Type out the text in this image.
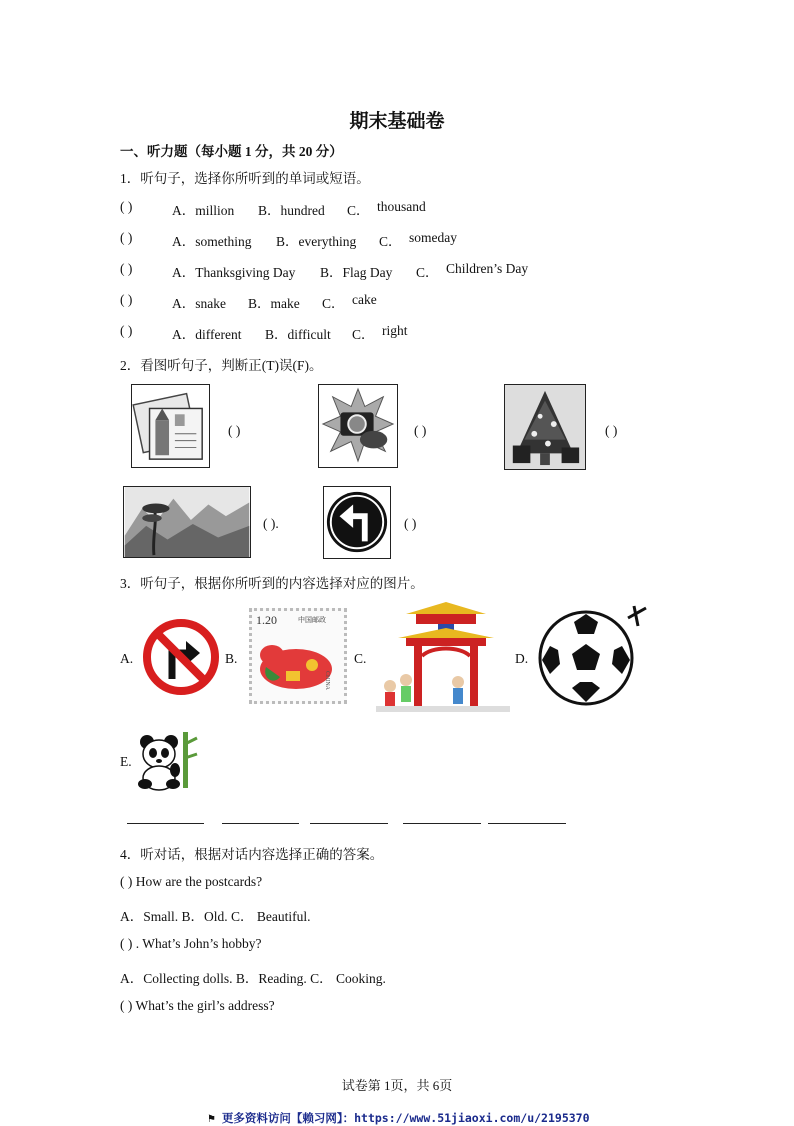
期末基础卷
一、听力题（每小题 1 分，共 20 分）
1．听句子，选择你所听到的单词或短语。
( )	A．million B．hundred C． thousand
( )	A．something B．everything C． someday
( )	A．Thanksgiving Day B．Flag Day C． Children’s Day
( )	A．snake B．make C． cake
( )	A．different B．difficult C． right
2．看图听句子，判断正(T)误(F)。
( )	( )	( )
( ).	( )
3．听句子，根据你所听到的内容选择对应的图片。
A.	B.
1.20	中国邮政
CHINA
C.	D.
E.
4．听对话，根据对话内容选择正确的答案。
( ) How are the postcards?
A．Small. B．Old. C． Beautiful.
( ) . What’s John’s hobby?
A．Collecting dolls. B．Reading. C． Cooking.
( ) What’s the girl’s address?
试卷第 1页，共 6页
⚑ 更多资料访问【赖习网】：https://www.51jiaoxi.com/u/2195370
